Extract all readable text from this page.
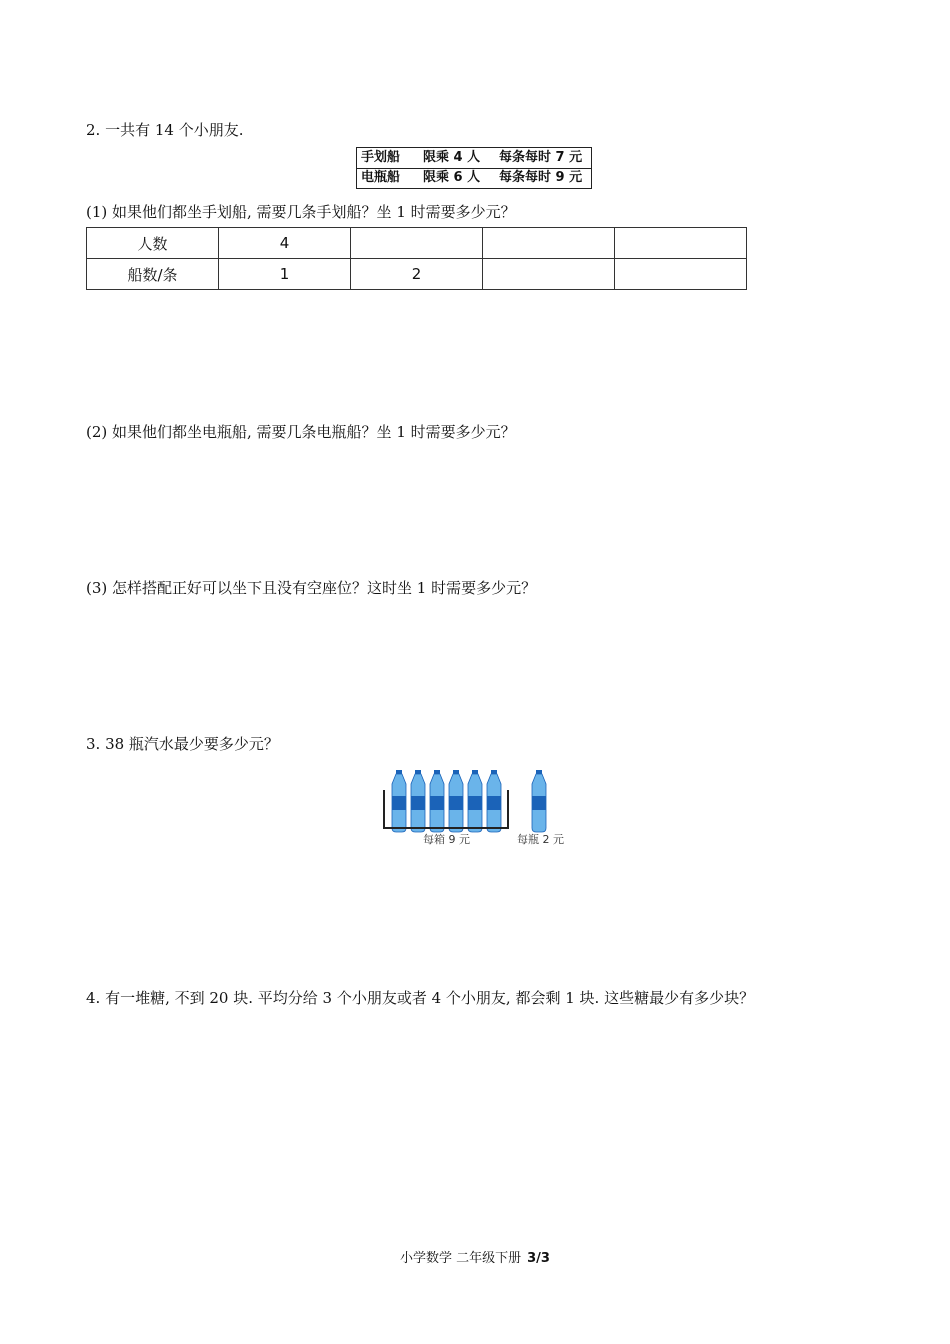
2. 一共有 14 个小朋友.
手划船 限乘 4 人 每条每时 7 元
电瓶船 限乘 6 人 每条每时 9 元
(1) 如果他们都坐手划船, 需要几条手划船？坐 1 时需要多少元？
人数	4			
船数/条	1	2		
(2) 如果他们都坐电瓶船, 需要几条电瓶船？坐 1 时需要多少元？
(3) 怎样搭配正好可以坐下且没有空座位？这时坐 1 时需要多少元？
3. 38 瓶汽水最少要多少元？
每箱 9 元	每瓶 2 元
4. 有一堆糖, 不到 20 块. 平均分给 3 个小朋友或者 4 个小朋友, 都会剩 1 块. 这些糖最少有多少块？
小学数学 二年级下册 3/3
